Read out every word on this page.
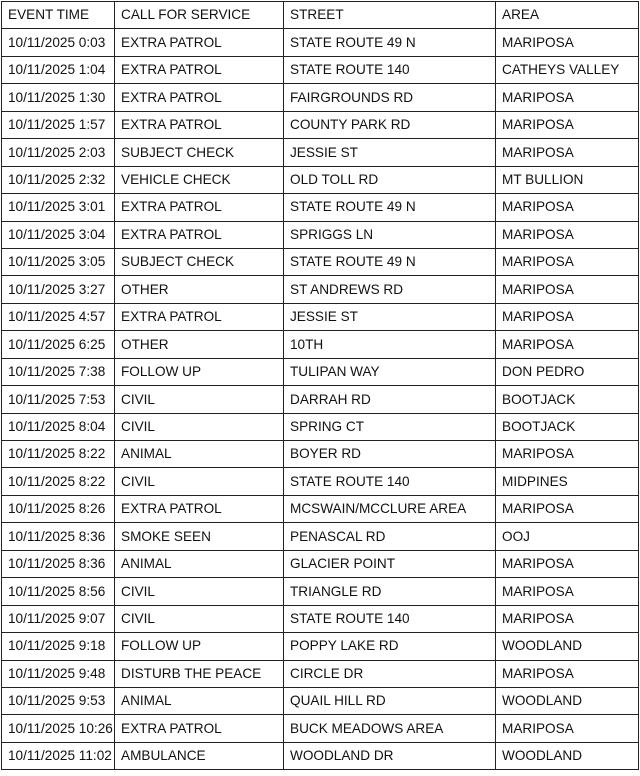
EVENT TIME	CALL FOR SERVICE	STREET	AREA
10/11/2025 0:03	EXTRA PATROL	STATE ROUTE 49 N	MARIPOSA
10/11/2025 1:04	EXTRA PATROL	STATE ROUTE 140	CATHEYS VALLEY
10/11/2025 1:30	EXTRA PATROL	FAIRGROUNDS RD	MARIPOSA
10/11/2025 1:57	EXTRA PATROL	COUNTY PARK RD	MARIPOSA
10/11/2025 2:03	SUBJECT CHECK	JESSIE ST	MARIPOSA
10/11/2025 2:32	VEHICLE CHECK	OLD TOLL RD	MT BULLION
10/11/2025 3:01	EXTRA PATROL	STATE ROUTE 49 N	MARIPOSA
10/11/2025 3:04	EXTRA PATROL	SPRIGGS LN	MARIPOSA
10/11/2025 3:05	SUBJECT CHECK	STATE ROUTE 49 N	MARIPOSA
10/11/2025 3:27	OTHER	ST ANDREWS RD	MARIPOSA
10/11/2025 4:57	EXTRA PATROL	JESSIE ST	MARIPOSA
10/11/2025 6:25	OTHER	10TH	MARIPOSA
10/11/2025 7:38	FOLLOW UP	TULIPAN WAY	DON PEDRO
10/11/2025 7:53	CIVIL	DARRAH RD	BOOTJACK
10/11/2025 8:04	CIVIL	SPRING CT	BOOTJACK
10/11/2025 8:22	ANIMAL	BOYER RD	MARIPOSA
10/11/2025 8:22	CIVIL	STATE ROUTE 140	MIDPINES
10/11/2025 8:26	EXTRA PATROL	MCSWAIN/MCCLURE AREA	MARIPOSA
10/11/2025 8:36	SMOKE SEEN	PENASCAL RD	OOJ
10/11/2025 8:36	ANIMAL	GLACIER POINT	MARIPOSA
10/11/2025 8:56	CIVIL	TRIANGLE RD	MARIPOSA
10/11/2025 9:07	CIVIL	STATE ROUTE 140	MARIPOSA
10/11/2025 9:18	FOLLOW UP	POPPY LAKE RD	WOODLAND
10/11/2025 9:48	DISTURB THE PEACE	CIRCLE DR	MARIPOSA
10/11/2025 9:53	ANIMAL	QUAIL HILL RD	WOODLAND
10/11/2025 10:26	EXTRA PATROL	BUCK MEADOWS AREA	MARIPOSA
10/11/2025 11:02	AMBULANCE	WOODLAND DR	WOODLAND
